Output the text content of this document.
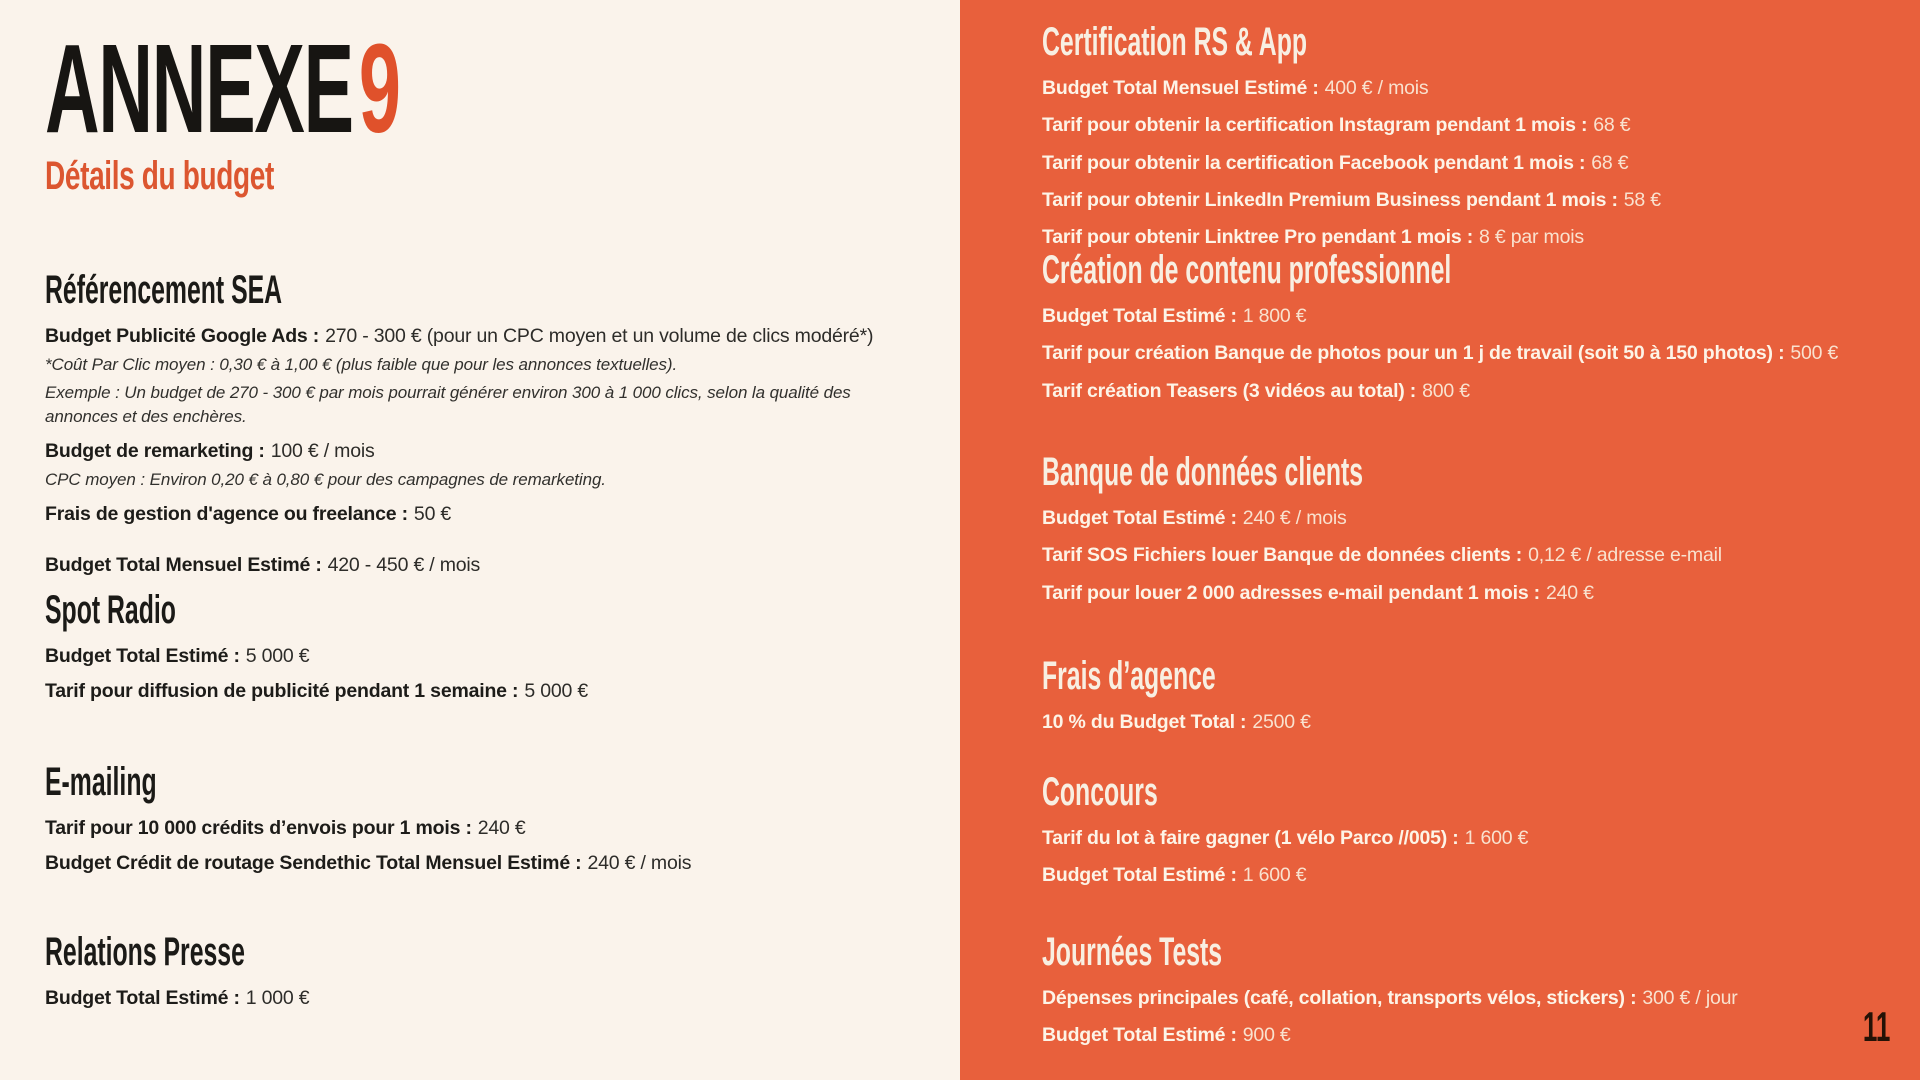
ANNEXE9
Détails du budget
Référencement SEA
Budget Publicité Google Ads : 270 - 300 € (pour un CPC moyen et un volume de clics modéré*)
*Coût Par Clic moyen : 0,30 € à 1,00 € (plus faible que pour les annonces textuelles).
Exemple : Un budget de 270 - 300 € par mois pourrait générer environ 300 à 1 000 clics, selon la qualité des annonces et des enchères.
Budget de remarketing : 100 € / mois
CPC moyen : Environ 0,20 € à 0,80 € pour des campagnes de remarketing.
Frais de gestion d'agence ou freelance : 50 €
Budget Total Mensuel Estimé : 420 - 450 € / mois
Spot Radio
Budget Total Estimé : 5 000 €
Tarif pour diffusion de publicité pendant 1 semaine : 5 000 €
E-mailing
Tarif pour 10 000 crédits d’envois pour 1 mois : 240 €
Budget Crédit de routage Sendethic Total Mensuel Estimé : 240 € / mois
Relations Presse
Budget Total Estimé : 1 000 €
Certification RS & App
Budget Total Mensuel Estimé : 400 € / mois
Tarif pour obtenir la certification Instagram pendant 1 mois : 68 €
Tarif pour obtenir la certification Facebook pendant 1 mois : 68 €
Tarif pour obtenir LinkedIn Premium Business pendant 1 mois : 58 €
Tarif pour obtenir Linktree Pro pendant 1 mois : 8 € par mois
Création de contenu professionnel
Budget Total Estimé : 1 800 €
Tarif pour création Banque de photos pour un 1 j de travail (soit 50 à 150 photos) : 500 €
Tarif création Teasers (3 vidéos au total) : 800 €
Banque de données clients
Budget Total Estimé : 240 € / mois
Tarif SOS Fichiers louer Banque de données clients : 0,12 € / adresse e-mail
Tarif pour louer 2 000 adresses e-mail pendant 1 mois : 240 €
Frais d’agence
10 % du Budget Total : 2500 €
Concours
Tarif du lot à faire gagner (1 vélo Parco //005) : 1 600 €
Budget Total Estimé : 1 600 €
Journées Tests
Dépenses principales (café, collation, transports vélos, stickers) : 300 € / jour
Budget Total Estimé : 900 €	11
